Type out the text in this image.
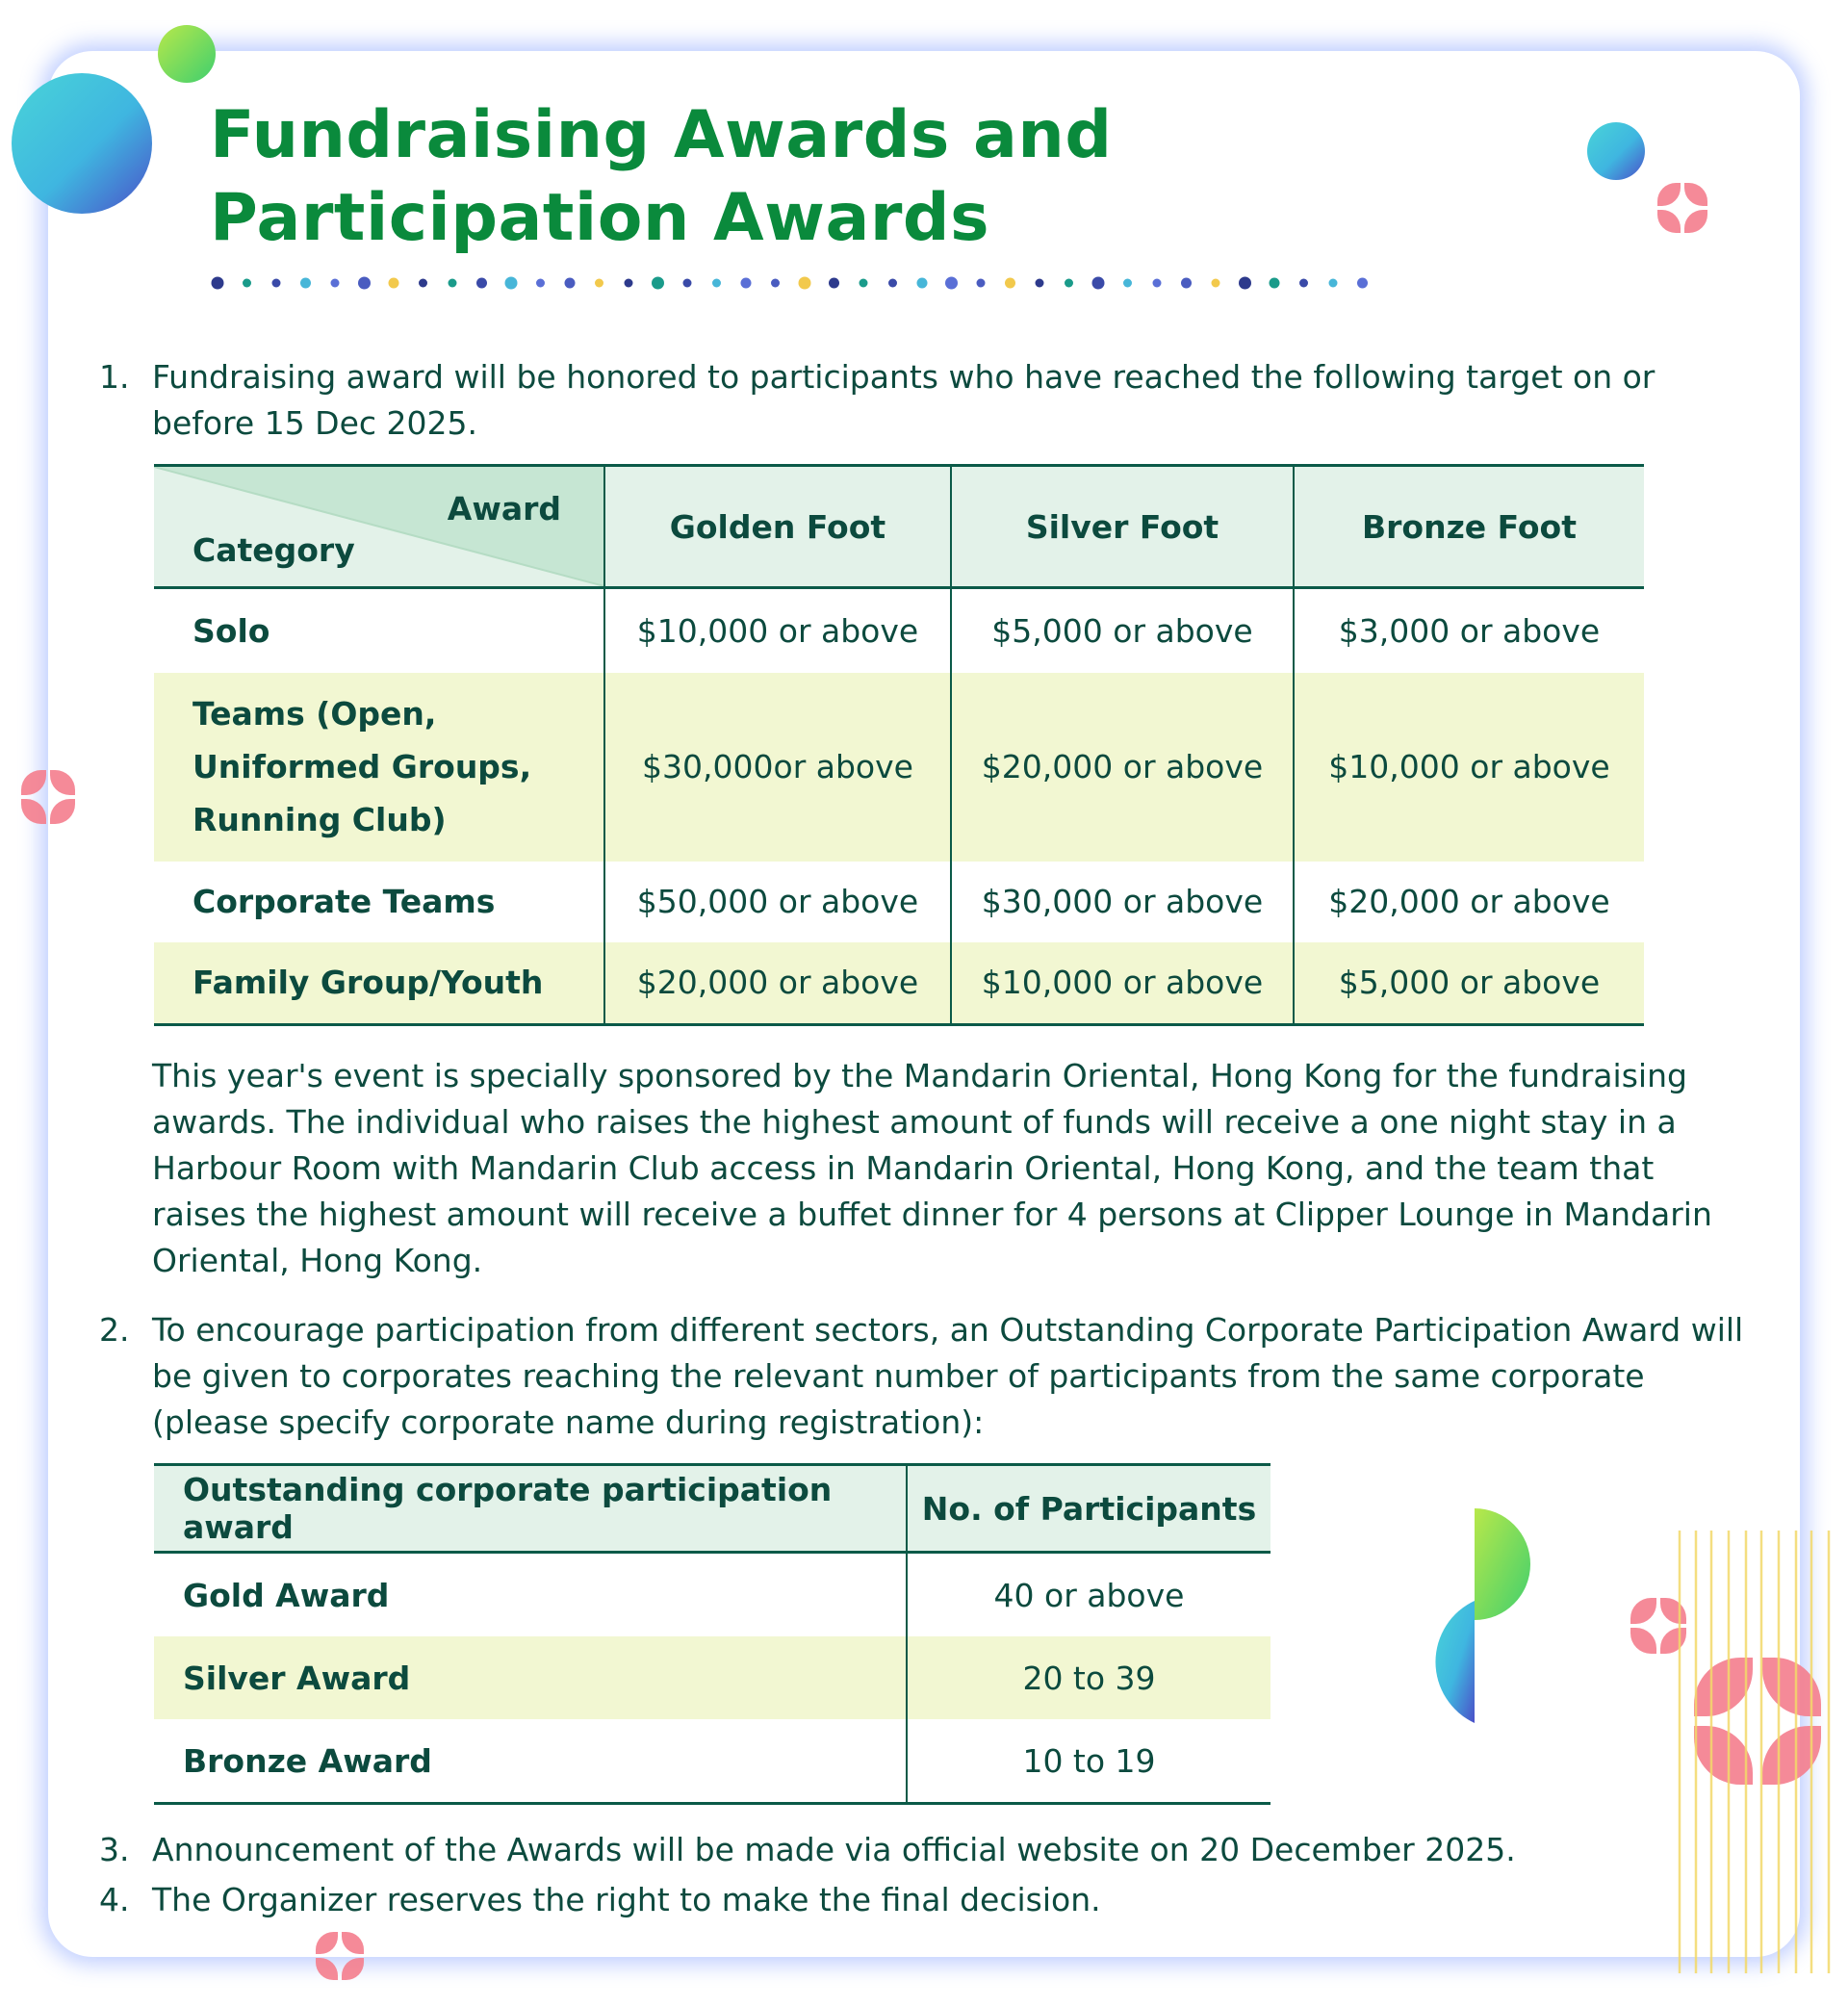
Fundraising Awards and
Participation Awards
1. Fundraising award will be honored to participants who have reached the following target on or
before 15 Dec 2025.
Award
Category	Golden Foot	Silver Foot	Bronze Foot
Solo	$10,000 or above	$5,000 or above	$3,000 or above
Teams (Open,
Uniformed Groups,
Running Club)	$30,000or above	$20,000 or above	$10,000 or above
Corporate Teams	$50,000 or above	$30,000 or above	$20,000 or above
Family Group/Youth	$20,000 or above	$10,000 or above	$5,000 or above
This year's event is specially sponsored by the Mandarin Oriental, Hong Kong for the fundraising
awards. The individual who raises the highest amount of funds will receive a one night stay in a
Harbour Room with Mandarin Club access in Mandarin Oriental, Hong Kong, and the team that
raises the highest amount will receive a buffet dinner for 4 persons at Clipper Lounge in Mandarin
Oriental, Hong Kong.
2. To encourage participation from different sectors, an Outstanding Corporate Participation Award will
be given to corporates reaching the relevant number of participants from the same corporate
(please specify corporate name during registration):
Outstanding corporate participation award	No. of Participants
Gold Award	40 or above
Silver Award	20 to 39
Bronze Award	10 to 19
3. Announcement of the Awards will be made via official website on 20 December 2025.
4. The Organizer reserves the right to make the final decision.
